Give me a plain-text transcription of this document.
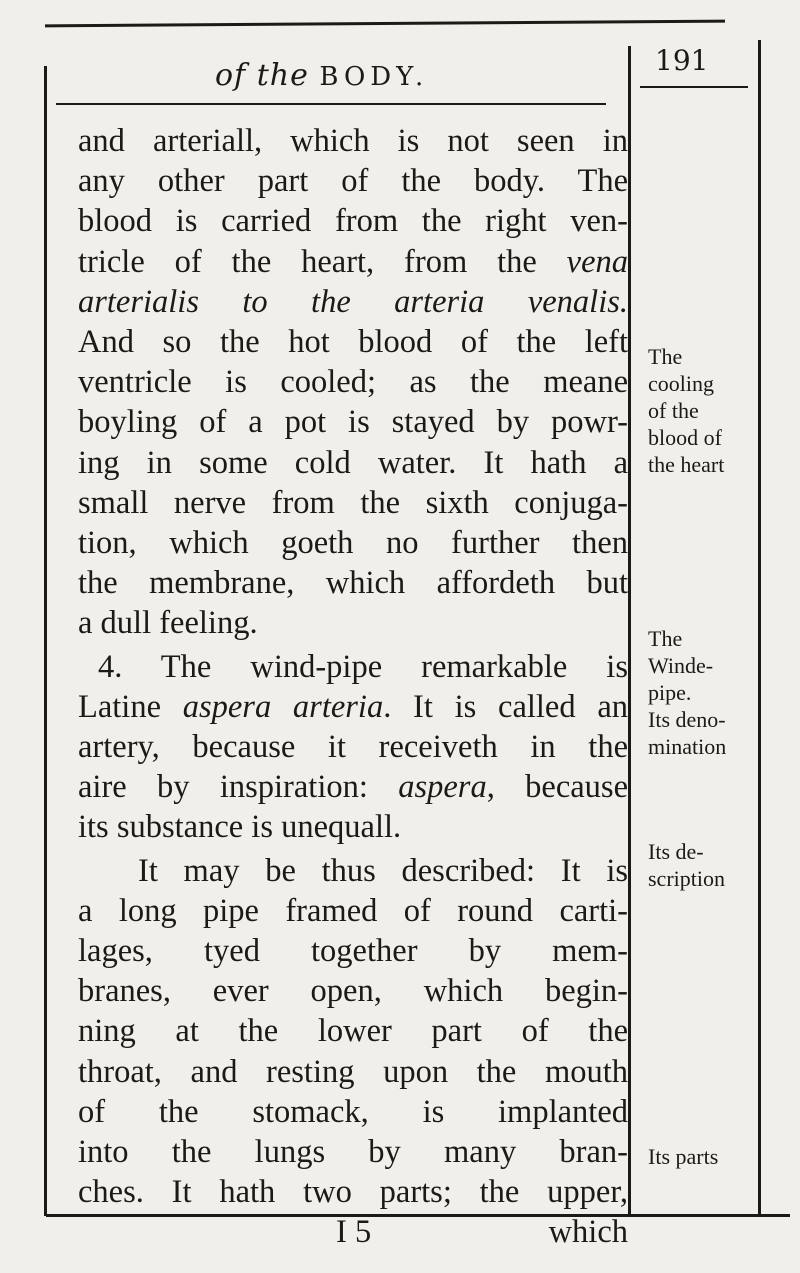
of the BODY.	191
and arteriall, which is not seen in
any other part of the body. The
blood is carried from the right ven-
tricle of the heart, from the vena
arterialis to the arteria venalis.
And so the hot blood of the left
ventricle is cooled; as the meane
boyling of a pot is stayed by powr-
ing in some cold water. It hath a
small nerve from the sixth conjuga-
tion, which goeth no further then
the membrane, which affordeth but
a dull feeling.
4. The wind-pipe remarkable is
Latine aspera arteria. It is called an
artery, because it receiveth in the
aire by inspiration: aspera, because
its substance is unequall.
It may be thus described: It is
a long pipe framed of round carti-
lages, tyed together by mem-
branes, ever open, which begin-
ning at the lower part of the
throat, and resting upon the mouth
of the stomack, is implanted
into the lungs by many bran-
ches. It hath two parts; the upper,
I 5	which
The
cooling
of the
blood of
the heart
The
Winde-
pipe.
Its deno-
mination
Its de-
scription
Its parts
